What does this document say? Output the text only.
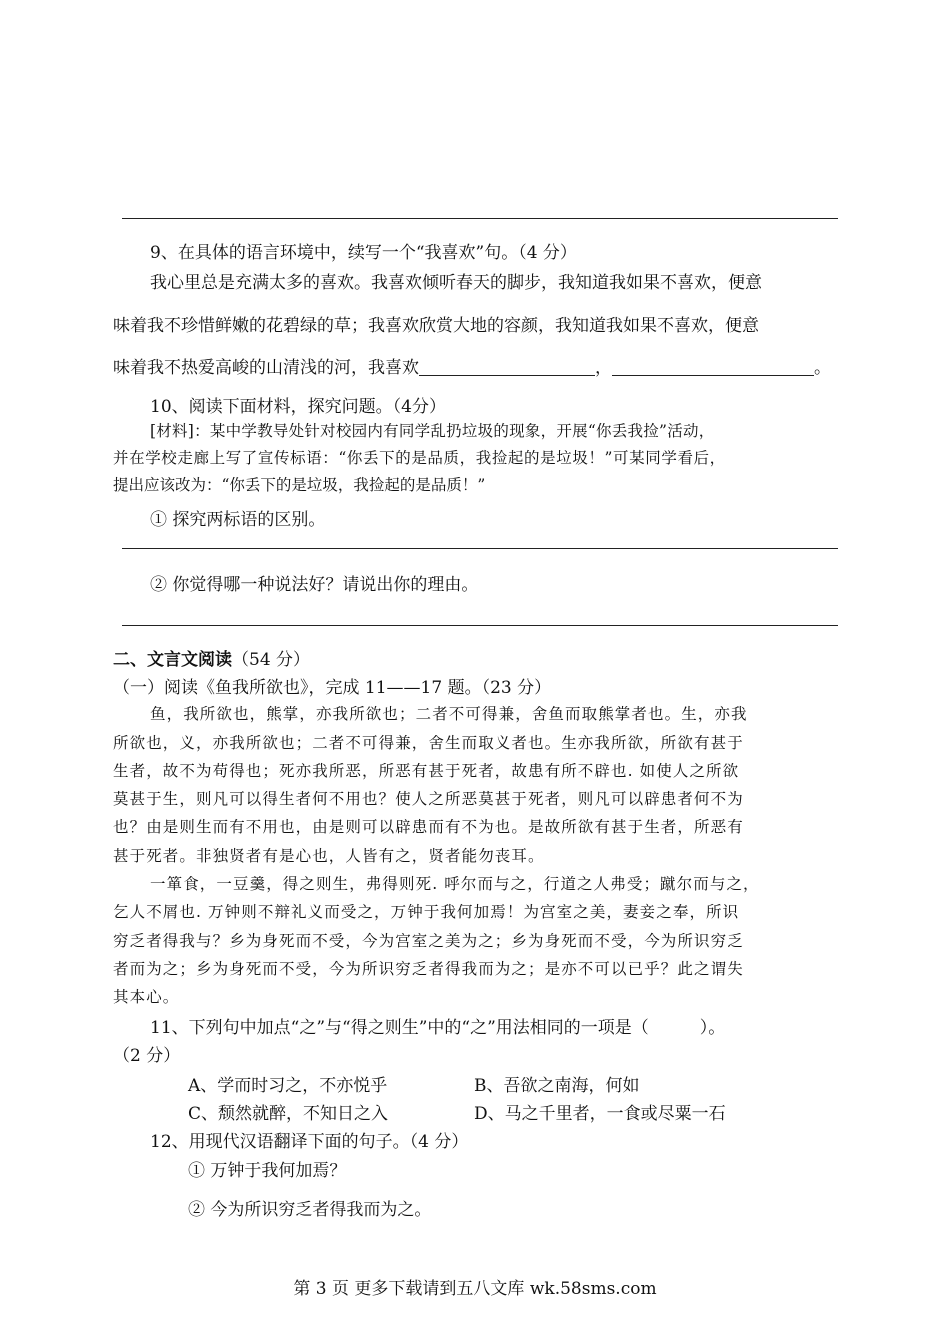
9、在具体的语言环境中，续写一个“我喜欢”句。（4 分）
我心里总是充满太多的喜欢。我喜欢倾听春天的脚步，我知道我如果不喜欢，便意
味着我不珍惜鲜嫩的花碧绿的草；我喜欢欣赏大地的容颜，我知道我如果不喜欢，便意
味着我不热爱高峻的山清浅的河，我喜欢	，	。
10、阅读下面材料，探究问题。（4分）
[材料]：某中学教导处针对校园内有同学乱扔垃圾的现象，开展“你丢我捡”活动，
并在学校走廊上写了宣传标语：“你丢下的是品质，我捡起的是垃圾！”可某同学看后，
提出应该改为：“你丢下的是垃圾，我捡起的是品质！”
① 探究两标语的区别。
② 你觉得哪一种说法好？请说出你的理由。
二、文言文阅读（54 分）
（一）阅读《鱼我所欲也》，完成 11——17 题。（23 分）
鱼，我所欲也，熊掌，亦我所欲也；二者不可得兼，舍鱼而取熊掌者也。生，亦我
所欲也，义，亦我所欲也；二者不可得兼，舍生而取义者也。生亦我所欲，所欲有甚于
生者，故不为苟得也；死亦我所恶，所恶有甚于死者，故患有所不辟也. 如使人之所欲
莫甚于生，则凡可以得生者何不用也？使人之所恶莫甚于死者，则凡可以辟患者何不为
也？由是则生而有不用也，由是则可以辟患而有不为也。是故所欲有甚于生者，所恶有
甚于死者。非独贤者有是心也，人皆有之，贤者能勿丧耳。
一箪食，一豆羹，得之则生，弗得则死. 呼尔而与之，行道之人弗受；蹴尔而与之，
乞人不屑也. 万钟则不辩礼义而受之，万钟于我何加焉！为宫室之美，妻妾之奉，所识
穷乏者得我与？乡为身死而不受，今为宫室之美为之；乡为身死而不受，今为所识穷乏
者而为之；乡为身死而不受，今为所识穷乏者得我而为之；是亦不可以已乎？此之谓失
其本心。
11、下列句中加点“之”与“得之则生”中的“之”用法相同的一项是（　　　）。
（2 分）
A、学而时习之，不亦悦乎	B、吾欲之南海，何如
C、颓然就醉，不知日之入	D、马之千里者，一食或尽粟一石
12、用现代汉语翻译下面的句子。（4 分）
① 万钟于我何加焉？
② 今为所识穷乏者得我而为之。
第 3 页 更多下载请到五八文库 wk.58sms.com
